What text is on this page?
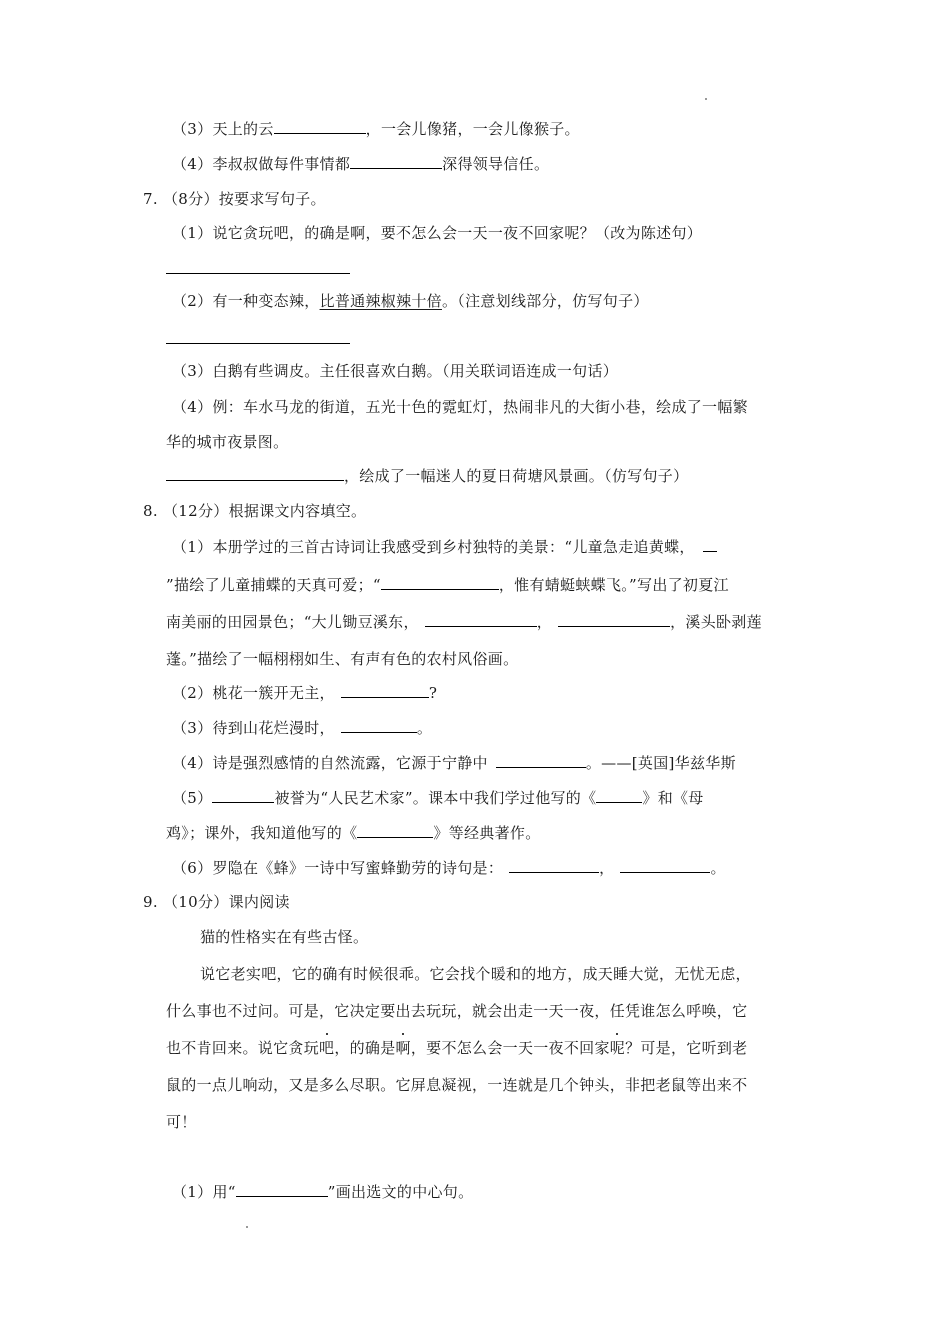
（3）天上的云	，一会儿像猪，一会儿像猴子。
（4）李叔叔做每件事情都	深得领导信任。
7. （8分）按要求写句子。
（1）说它贪玩吧，的确是啊，要不怎么会一天一夜不回家呢？（改为陈述句）
（2）有一种变态辣，比普通辣椒辣十倍。（注意划线部分，仿写句子）
（3）白鹅有些调皮。主任很喜欢白鹅。（用关联词语连成一句话）
（4）例：车水马龙的街道，五光十色的霓虹灯，热闹非凡的大街小巷，绘成了一幅繁
华的城市夜景图。
，绘成了一幅迷人的夏日荷塘风景画。（仿写句子）
8. （12分）根据课文内容填空。
（1）本册学过的三首古诗词让我感受到乡村独特的美景：“儿童急走追黄蝶，
”描绘了儿童捕蝶的天真可爱；“	，惟有蜻蜓蛱蝶飞。”写出了初夏江
南美丽的田园景色；“大儿锄豆溪东，	，	，溪头卧剥莲
蓬。”描绘了一幅栩栩如生、有声有色的农村风俗画。
（2）桃花一簇开无主，	?
（3）待到山花烂漫时，	。
（4）诗是强烈感情的自然流露，它源于宁静中	。——[英国]华兹华斯
（5）	被誉为“人民艺术家”。课本中我们学过他写的《	》和《母
鸡》；课外，我知道他写的《	》等经典著作。
（6）罗隐在《蜂》一诗中写蜜蜂勤劳的诗句是：	，	。
9. （10分）课内阅读
猫的性格实在有些古怪。
说它老实吧，它的确有时候很乖。它会找个暖和的地方，成天睡大觉，无忧无虑，
什么事也不过问。可是，它决定要出去玩玩，就会出走一天一夜，任凭谁怎么呼唤，它
也不肯回来。说它贪玩吧，的确是啊，要不怎么会一天一夜不回家呢？可是，它听到老
鼠的一点儿响动，又是多么尽职。它屏息凝视，一连就是几个钟头，非把老鼠等出来不
可！
（1）用“	”画出选文的中心句。
